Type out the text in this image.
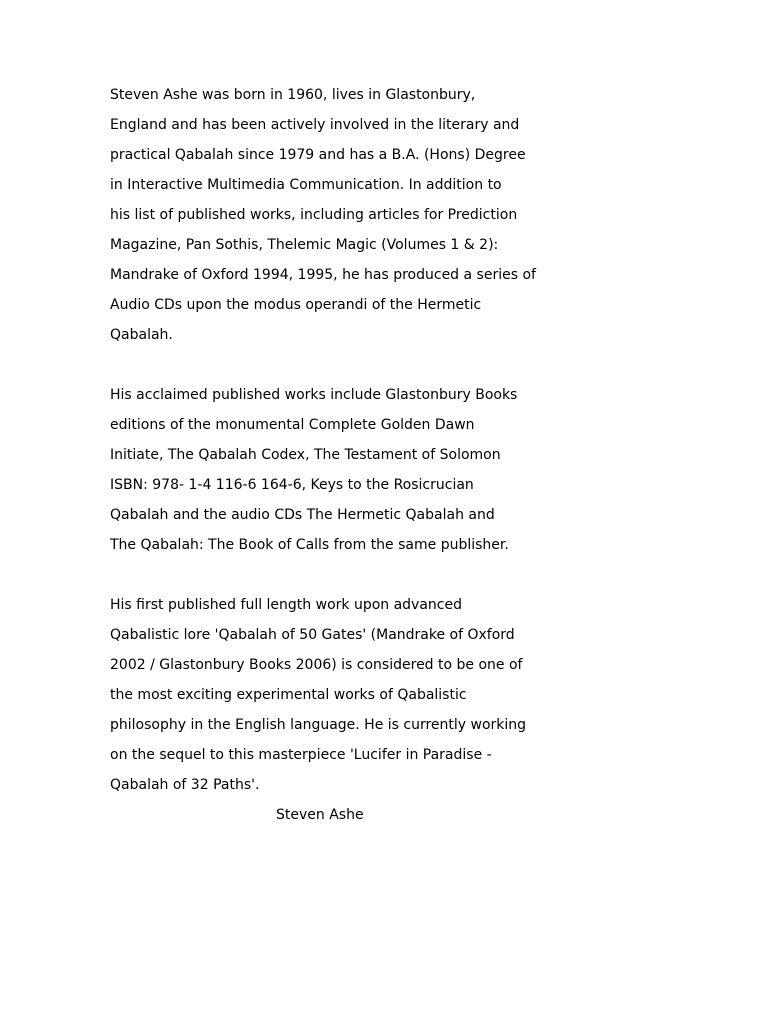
Steven Ashe was born in 1960, lives in Glastonbury,
England and has been actively involved in the literary and
practical Qabalah since 1979 and has a B.A. (Hons) Degree
in Interactive Multimedia Communication. In addition to
his list of published works, including articles for Prediction
Magazine, Pan Sothis, Thelemic Magic (Volumes 1 & 2):
Mandrake of Oxford 1994, 1995, he has produced a series of
Audio CDs upon the modus operandi of the Hermetic
Qabalah.
His acclaimed published works include Glastonbury Books
editions of the monumental Complete Golden Dawn
Initiate, The Qabalah Codex, The Testament of Solomon
ISBN: 978- 1-4 116-6 164-6, Keys to the Rosicrucian
Qabalah and the audio CDs The Hermetic Qabalah and
The Qabalah: The Book of Calls from the same publisher.
His first published full length work upon advanced
Qabalistic lore 'Qabalah of 50 Gates' (Mandrake of Oxford
2002 / Glastonbury Books 2006) is considered to be one of
the most exciting experimental works of Qabalistic
philosophy in the English language. He is currently working
on the sequel to this masterpiece 'Lucifer in Paradise -
Qabalah of 32 Paths'.
Steven Ashe
